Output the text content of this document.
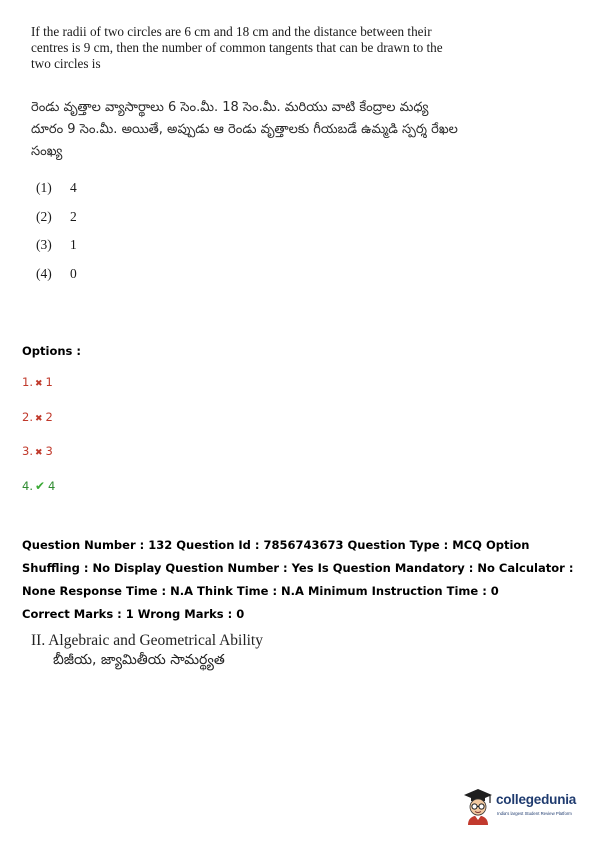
If the radii of two circles are 6 cm and 18 cm and the distance between their centres is 9 cm, then the number of common tangents that can be drawn to the two circles is
రెండు వృత్తాల వ్యాసార్థాలు 6 సెం.మీ. 18 సెం.మీ. మరియు వాటి కేంద్రాల మధ్య దూరం 9 సెం.మీ. అయితే, అప్పుడు ఆ రెండు వృత్తాలకు గీయబడే ఉమ్మడి స్పర్శ రేఖల సంఖ్య
(1) 4
(2) 2
(3) 1
(4) 0
Options :
1. ✖ 1
2. ✖ 2
3. ✖ 3
4. ✔ 4
Question Number : 132 Question Id : 7856743673 Question Type : MCQ Option Shuffling : No Display Question Number : Yes Is Question Mandatory : No Calculator : None Response Time : N.A Think Time : N.A Minimum Instruction Time : 0
Correct Marks : 1 Wrong Marks : 0
II. Algebraic and Geometrical Ability
బీజీయ, జ్యామితీయ సామర్థ్యత
collegedunia
India's largest Student Review Platform
